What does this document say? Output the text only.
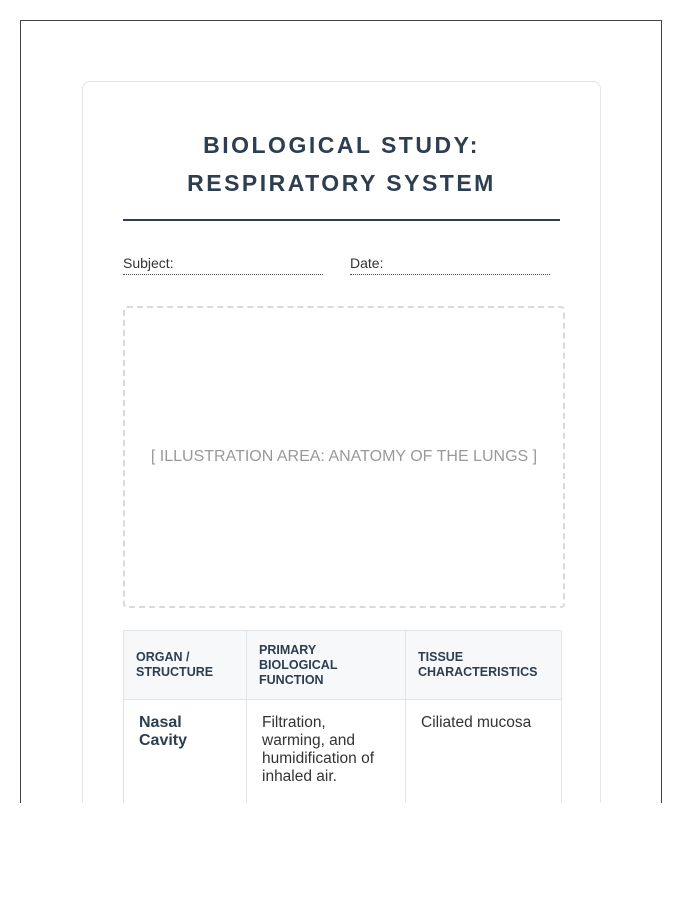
BIOLOGICAL STUDY:
RESPIRATORY SYSTEM
Subject:	Date:
[ ILLUSTRATION AREA: ANATOMY OF THE LUNGS ]
ORGAN / STRUCTURE	PRIMARY BIOLOGICAL FUNCTION	TISSUE CHARACTERISTICS
Nasal Cavity	Filtration, warming, and humidification of inhaled air.	Ciliated mucosa
